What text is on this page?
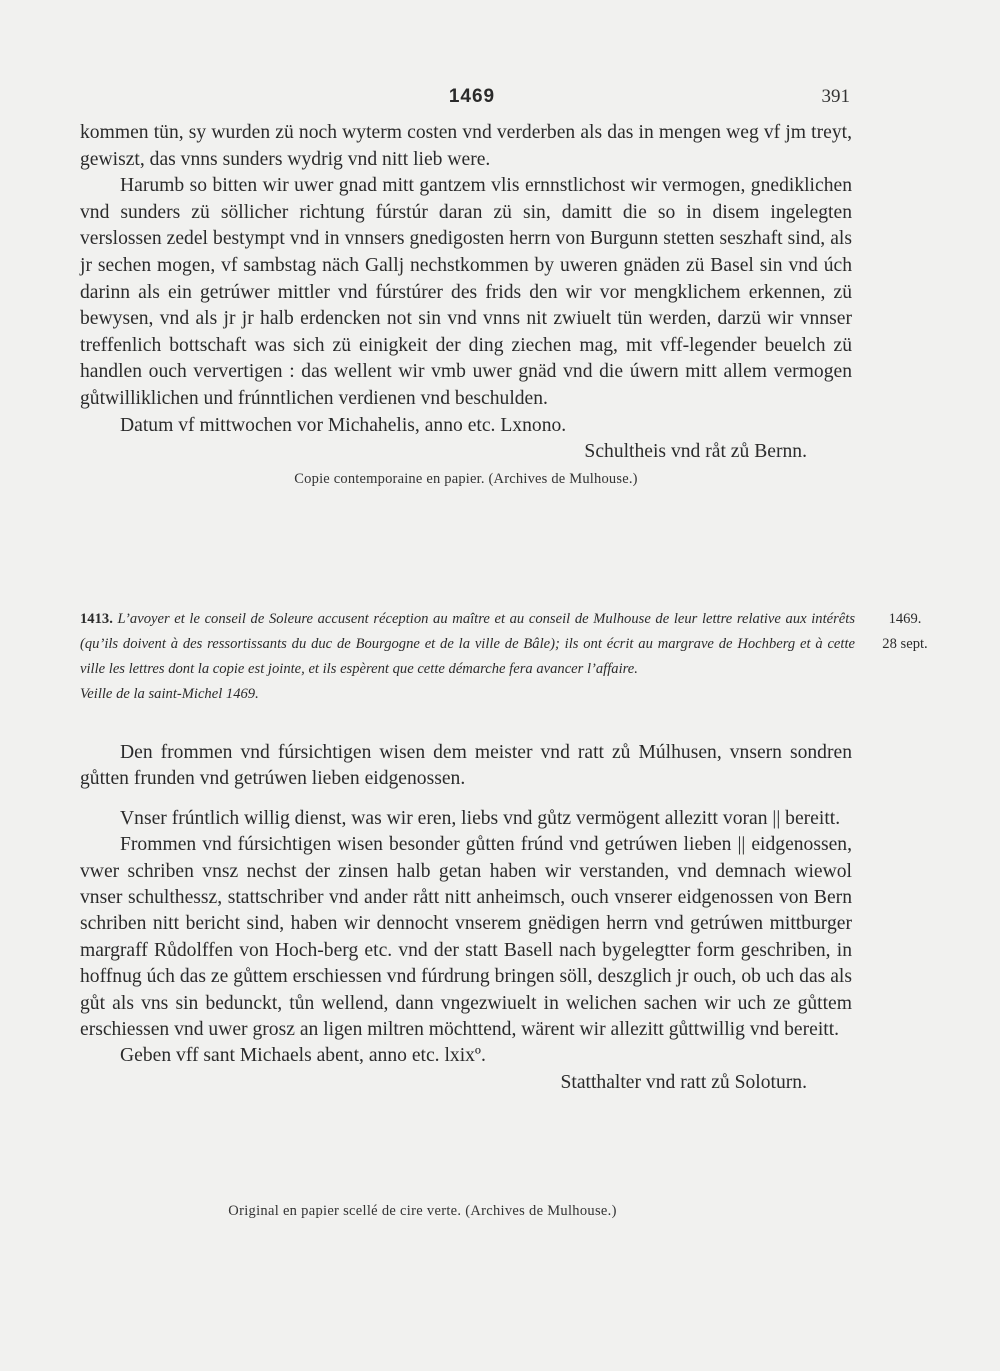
1469	391

kommen tün, sy wurden zü noch wyterm costen vnd verderben als das in mengen weg vf jm treyt, gewiszt, das vnns sunders wydrig vnd nitt lieb were.

Harumb so bitten wir uwer gnad mitt gantzem vlis ernnstlichost wir vermogen, gnediklichen vnd sunders zü söllicher richtung fúrstúr daran zü sin, damitt die so in disem ingelegten verslossen zedel bestympt vnd in vnnsers gnedigosten herrn von Burgunn stetten seszhaft sind, als jr sechen mogen, vf sambstag näch Gallj nechstkommen by uweren gnäden zü Basel sin vnd úch darinn als ein getrúwer mittler vnd fúrstúrer des frids den wir vor mengklichem erkennen, zü bewysen, vnd als jr jr halb erdencken not sin vnd vnns nit zwiuelt tün werden, darzü wir vnnser treffenlich bottschaft was sich zü einigkeit der ding ziechen mag, mit vff-legender beuelch zü handlen ouch ververtigen : das wellent wir vmb uwer gnäd vnd die úwern mitt allem vermogen gůtwilliklichen und frúnntlichen verdienen vnd beschulden.

Datum vf mittwochen vor Michahelis, anno etc. Lxnono.

Schultheis vnd råt zů Bernn.

Copie contemporaine en papier. (Archives de Mulhouse.)

1413. L’avoyer et le conseil de Soleure accusent réception au maître et au conseil de Mulhouse de leur lettre relative aux intérêts (qu’ils doivent à des ressortissants du duc de Bourgogne et de la ville de Bâle); ils ont écrit au margrave de Hochberg et à cette ville les lettres dont la copie est jointe, et ils espèrent que cette démarche fera avancer l’affaire.

Veille de la saint-Michel 1469.

1469.
28 sept.

Den frommen vnd fúrsichtigen wisen dem meister vnd ratt zů Múlhusen, vnsern sondren gůtten frunden vnd getrúwen lieben eidgenossen.

Vnser frúntlich willig dienst, was wir eren, liebs vnd gůtz vermögent allezitt voran || bereitt.

Frommen vnd fúrsichtigen wisen besonder gůtten frúnd vnd getrúwen lieben || eidgenossen, vwer schriben vnsz nechst der zinsen halb getan haben wir verstanden, vnd demnach wiewol vnser schulthessz, stattschriber vnd ander rått nitt anheimsch, ouch vnserer eidgenossen von Bern schriben nitt bericht sind, haben wir dennocht vnserem gnëdigen herrn vnd getrúwen mittburger margraff Růdolffen von Hoch-berg etc. vnd der statt Basell nach bygelegtter form geschriben, in hoffnug úch das ze gůttem erschiessen vnd fúrdrung bringen söll, deszglich jr ouch, ob uch das als gůt als vns sin bedunckt, tůn wellend, dann vngezwiuelt in welichen sachen wir uch ze gůttem erschiessen vnd uwer grosz an ligen miltren möchttend, wärent wir allezitt gůttwillig vnd bereitt.

Geben vff sant Michaels abent, anno etc. lxixº.

Statthalter vnd ratt zů Soloturn.

Original en papier scellé de cire verte. (Archives de Mulhouse.)
